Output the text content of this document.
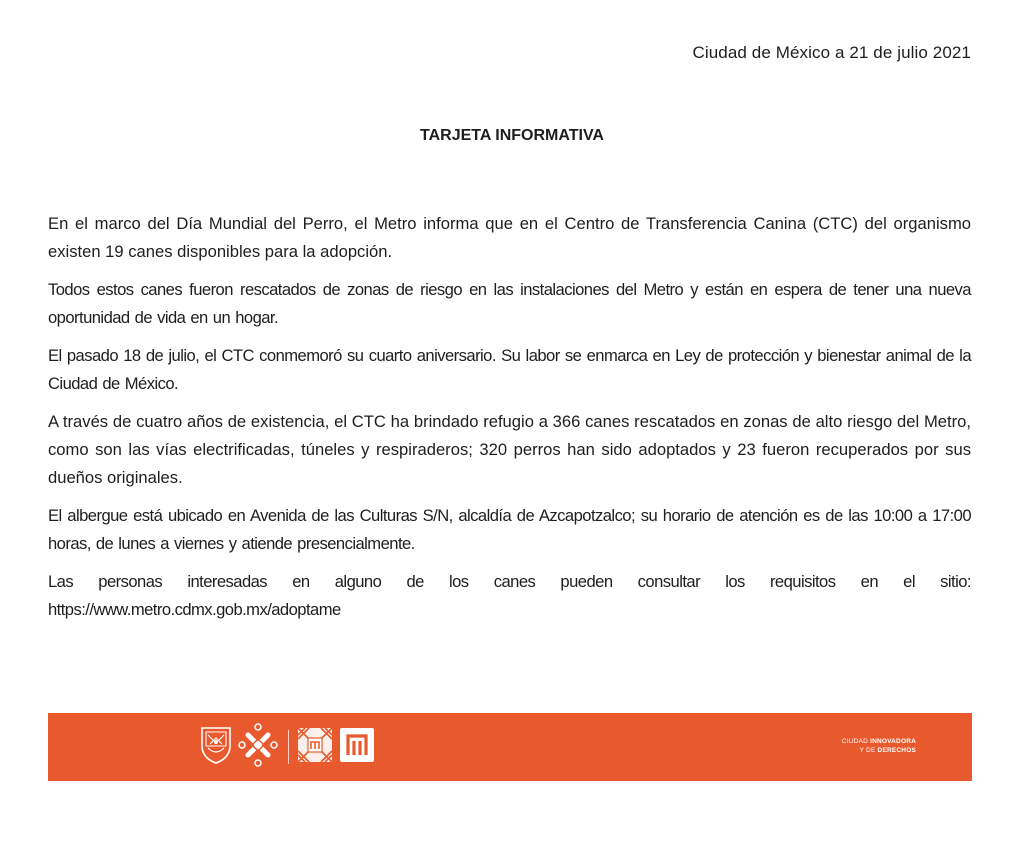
Ciudad de México a 21 de julio 2021
TARJETA INFORMATIVA

En el marco del Día Mundial del Perro, el Metro informa que en el Centro de Transferencia Canina (CTC) del organismo existen 19 canes disponibles para la adopción.

Todos estos canes fueron rescatados de zonas de riesgo en las instalaciones del Metro y están en espera de tener una nueva oportunidad de vida en un hogar.

El pasado 18 de julio, el CTC conmemoró su cuarto aniversario. Su labor se enmarca en Ley de protección y bienestar animal de la Ciudad de México.

A través de cuatro años de existencia, el CTC ha brindado refugio a 366 canes rescatados en zonas de alto riesgo del Metro, como son las vías electrificadas, túneles y respiraderos; 320 perros han sido adoptados y 23 fueron recuperados por sus dueños originales.

El albergue está ubicado en Avenida de las Culturas S/N, alcaldía de Azcapotzalco; su horario de atención es de las 10:00 a 17:00 horas, de lunes a viernes y atiende presencialmente.

Las personas interesadas en alguno de los canes pueden consultar los requisitos en el sitio: https://www.metro.cdmx.gob.mx/adoptame

CIUDAD INNOVADORA
Y DE DERECHOS
